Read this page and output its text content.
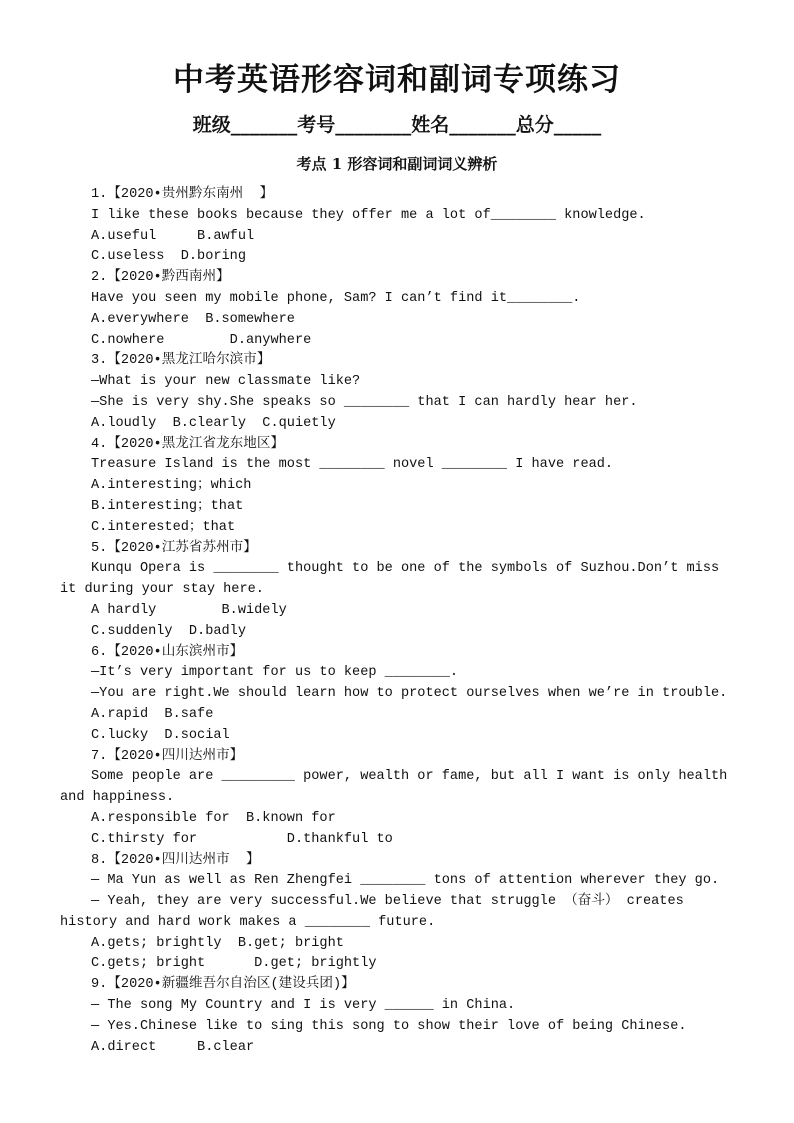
中考英语形容词和副词专项练习
班级_______考号________姓名_______总分_____
考点 1 形容词和副词词义辨析
1.【2020•贵州黔东南州  】
I like these books because they offer me a lot of________ knowledge.
A.useful     B.awful
C.useless  D.boring
2.【2020•黔西南州】
Have you seen my mobile phone, Sam? I can’t find it________.
A.everywhere  B.somewhere
C.nowhere        D.anywhere
3.【2020•黑龙江哈尔滨市】
—What is your new classmate like?
—She is very shy.She speaks so ________ that I can hardly hear her.
A.loudly  B.clearly  C.quietly
4.【2020•黑龙江省龙东地区】
Treasure Island is the most ________ novel ________ I have read.
A.interesting；which
B.interesting；that
C.interested；that
5.【2020•江苏省苏州市】
Kunqu Opera is ________ thought to be one of the symbols of Suzhou.Don’t miss it during your stay here.
A hardly        B.widely
C.suddenly  D.badly
6.【2020•山东滨州市】
—It’s very important for us to keep ________.
—You are right.We should learn how to protect ourselves when we’re in trouble.
A.rapid  B.safe
C.lucky  D.social
7.【2020•四川达州市】
Some people are _________ power, wealth or fame, but all I want is only health and happiness.
A.responsible for  B.known for
C.thirsty for           D.thankful to
8.【2020•四川达州市  】
— Ma Yun as well as Ren Zhengfei ________ tons of attention wherever they go.
— Yeah, they are very successful.We believe that struggle （奋斗） creates history and hard work makes a ________ future.
A.gets; brightly  B.get; bright
C.gets; bright      D.get; brightly
9.【2020•新疆维吾尔自治区(建设兵团)】
— The song My Country and I is very ______ in China.
— Yes.Chinese like to sing this song to show their love of being Chinese.
A.direct     B.clear
